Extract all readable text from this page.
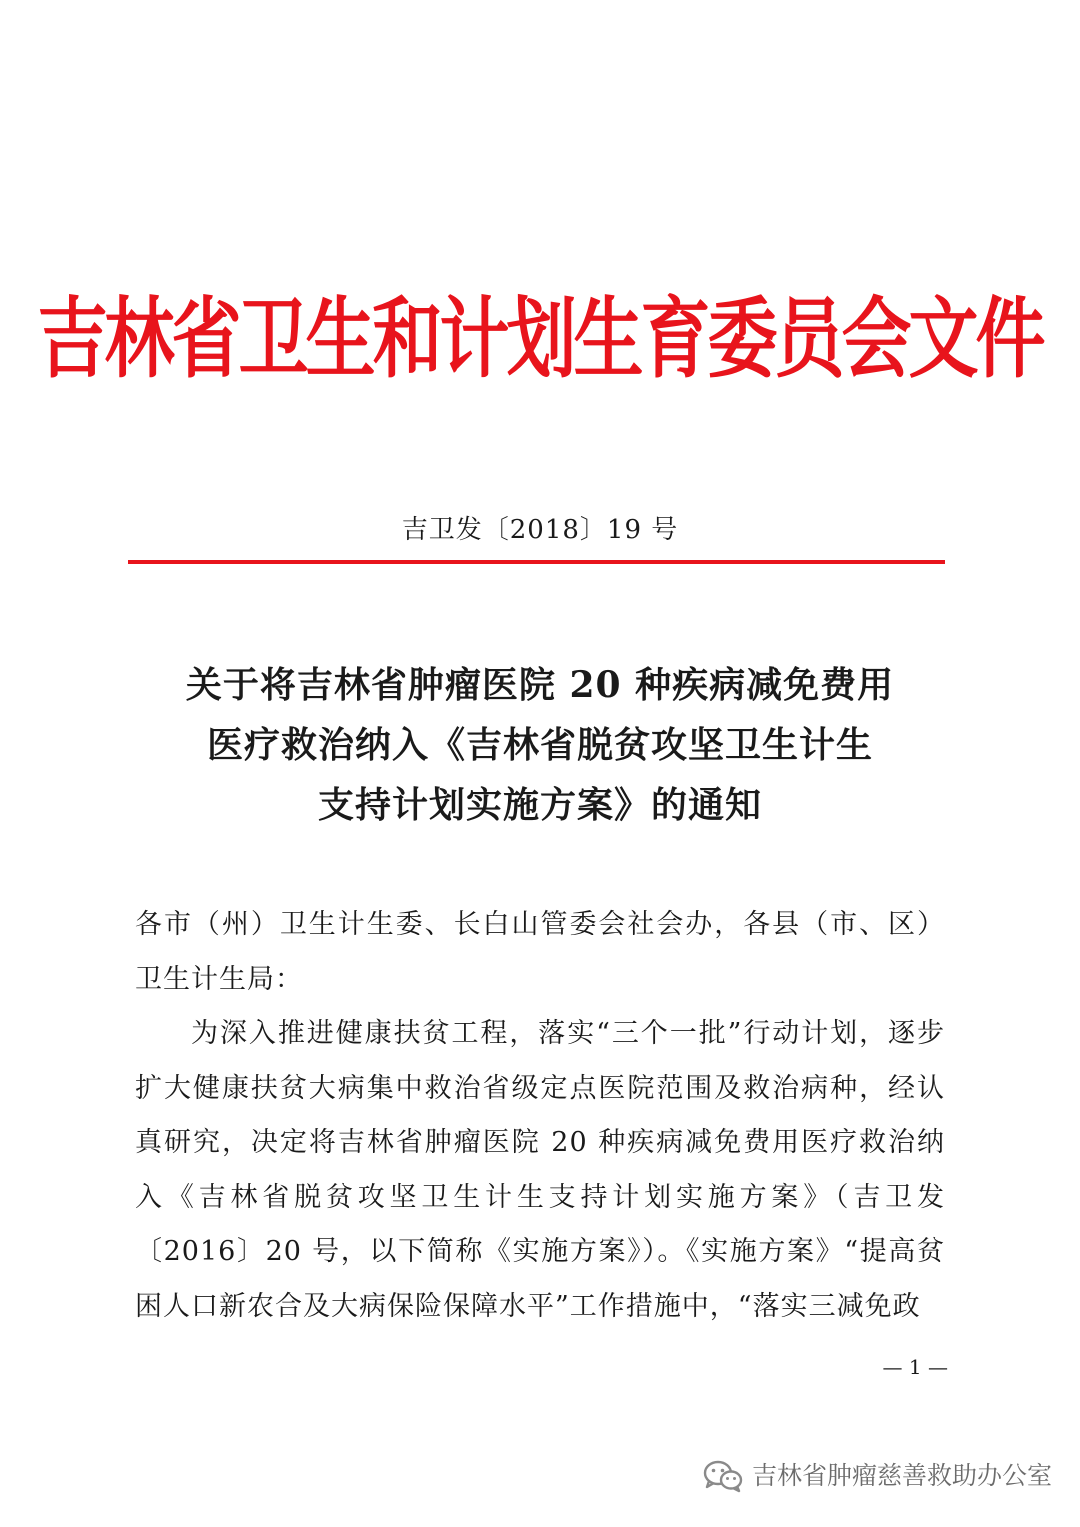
吉林省卫生和计划生育委员会文件
吉卫发〔2018〕19 号
关于将吉林省肿瘤医院 20 种疾病减免费用
医疗救治纳入《吉林省脱贫攻坚卫生计生
支持计划实施方案》的通知

各市（州）卫生计生委、长白山管委会社会办，各县（市、区）卫生计生局：

为深入推进健康扶贫工程，落实“三个一批”行动计划，逐步扩大健康扶贫大病集中救治省级定点医院范围及救治病种，经认真研究，决定将吉林省肿瘤医院 20 种疾病减免费用医疗救治纳入《吉林省脱贫攻坚卫生计生支持计划实施方案》（吉卫发〔2016〕20 号，以下简称《实施方案》）。《实施方案》“提高贫困人口新农合及大病保险保障水平”工作措施中，“落实三减免政

— 1 —
吉林省肿瘤慈善救助办公室
